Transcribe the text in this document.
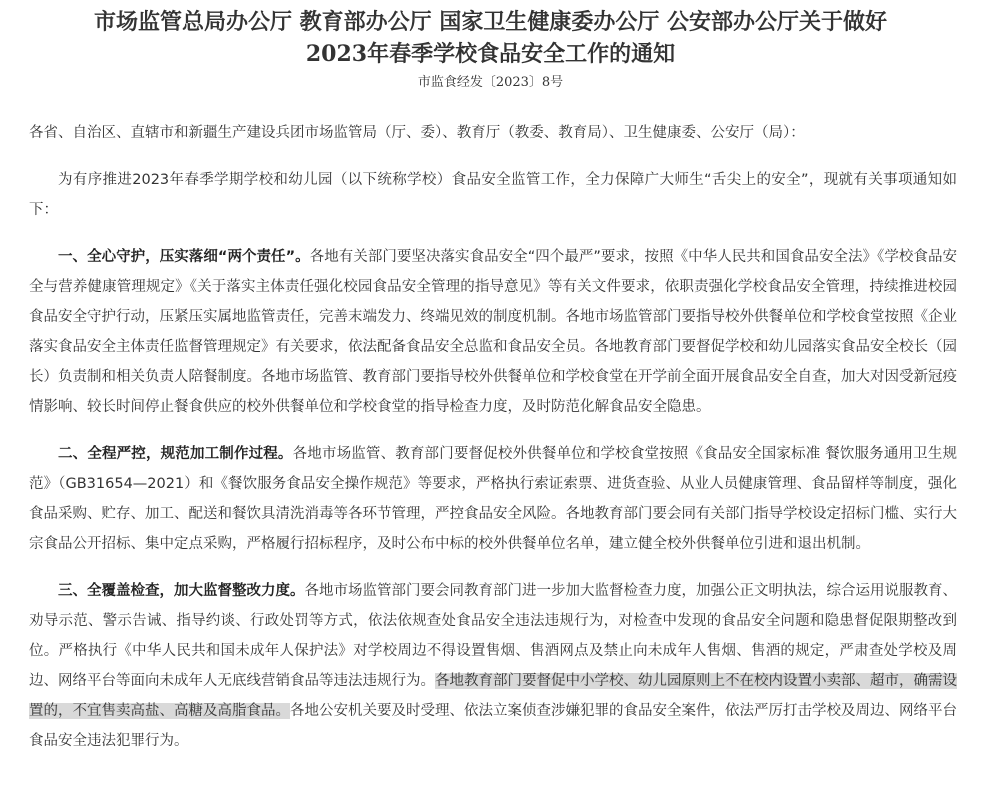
市场监管总局办公厅 教育部办公厅 国家卫生健康委办公厅 公安部办公厅关于做好
2023年春季学校食品安全工作的通知
市监食经发〔2023〕8号

各省、自治区、直辖市和新疆生产建设兵团市场监管局（厅、委）、教育厅（教委、教育局）、卫生健康委、公安厅（局）：

为有序推进2023年春季学期学校和幼儿园（以下统称学校）食品安全监管工作，全力保障广大师生“舌尖上的安全”，现就有关事项通知如下：

一、全心守护，压实落细“两个责任”。各地有关部门要坚决落实食品安全“四个最严”要求，按照《中华人民共和国食品安全法》《学校食品安全与营养健康管理规定》《关于落实主体责任强化校园食品安全管理的指导意见》等有关文件要求，依职责强化学校食品安全管理，持续推进校园食品安全守护行动，压紧压实属地监管责任，完善末端发力、终端见效的制度机制。各地市场监管部门要指导校外供餐单位和学校食堂按照《企业落实食品安全主体责任监督管理规定》有关要求，依法配备食品安全总监和食品安全员。各地教育部门要督促学校和幼儿园落实食品安全校长（园长）负责制和相关负责人陪餐制度。各地市场监管、教育部门要指导校外供餐单位和学校食堂在开学前全面开展食品安全自查，加大对因受新冠疫情影响、较长时间停止餐食供应的校外供餐单位和学校食堂的指导检查力度，及时防范化解食品安全隐患。

二、全程严控，规范加工制作过程。各地市场监管、教育部门要督促校外供餐单位和学校食堂按照《食品安全国家标准 餐饮服务通用卫生规范》（GB31654—2021）和《餐饮服务食品安全操作规范》等要求，严格执行索证索票、进货查验、从业人员健康管理、食品留样等制度，强化食品采购、贮存、加工、配送和餐饮具清洗消毒等各环节管理，严控食品安全风险。各地教育部门要会同有关部门指导学校设定招标门槛、实行大宗食品公开招标、集中定点采购，严格履行招标程序，及时公布中标的校外供餐单位名单，建立健全校外供餐单位引进和退出机制。

三、全覆盖检查，加大监督整改力度。各地市场监管部门要会同教育部门进一步加大监督检查力度，加强公正文明执法，综合运用说服教育、劝导示范、警示告诫、指导约谈、行政处罚等方式，依法依规查处食品安全违法违规行为，对检查中发现的食品安全问题和隐患督促限期整改到位。严格执行《中华人民共和国未成年人保护法》对学校周边不得设置售烟、售酒网点及禁止向未成年人售烟、售酒的规定，严肃查处学校及周边、网络平台等面向未成年人无底线营销食品等违法违规行为。各地教育部门要督促中小学校、幼儿园原则上不在校内设置小卖部、超市，确需设置的，不宜售卖高盐、高糖及高脂食品。各地公安机关要及时受理、依法立案侦查涉嫌犯罪的食品安全案件，依法严厉打击学校及周边、网络平台食品安全违法犯罪行为。
